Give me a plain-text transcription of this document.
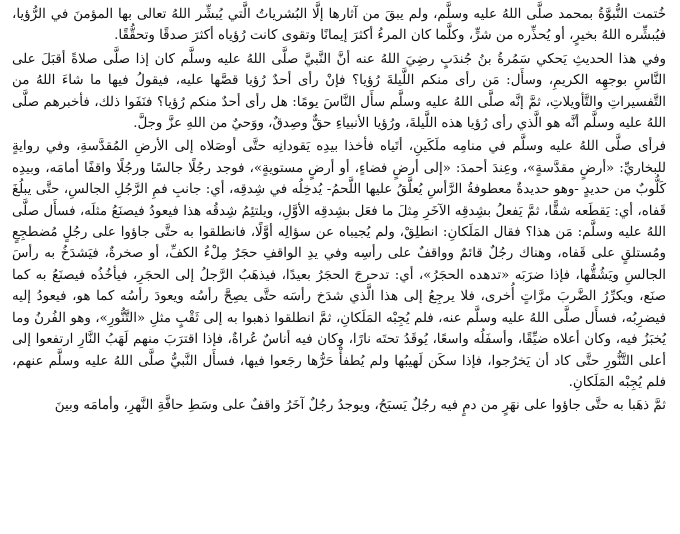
خُتمت النُّبوَّةُ بمحمد صلَّى اللهُ عليه وسلَّم، ولم يبقَ من آثارها إلَّا البُشرياتُ الَّتي يُبشِّر اللهُ تعالى بها المؤمنَ في الرُّؤيا، فيُبشِّره اللهُ بخيرٍ، أو يُحذِّره من شرٍّ، وكلَّما كان المرءُ أكثرَ إيمانًا وتقوى كانت رُؤياه أكثرَ صدقًا وتحقُّقًا.

وفي هذا الحديثِ يَحكي سَمُرةُ بنُ جُندَبٍ رضِيَ اللهُ عنه أنَّ النَّبيَّ صلَّى اللهُ عليه وسلَّم كان إذا صلَّى صلاةً أقبَلَ على النَّاسِ بوجهِه الكريمِ، وسأَل: مَن رأى منكم اللَّيلةَ رُؤيا؟ فإنْ رأى أحدٌ رُؤيا قصَّها عليه، فيقولُ فيها ما شاءَ اللهُ من التَّفسيراتِ والتَّأويلاتِ، ثمَّ إنَّه صلَّى اللهُ عليه وسلَّم سأَل النَّاسَ يومًا: هل رأى أحدٌ منكم رُؤيا؟ فنَفَوا ذلك، فأخبرهم صلَّى اللهُ عليه وسلَّم أنَّه هو الَّذي رأى رُؤيا هذه اللَّيلةَ، ورُؤيا الأنبياءِ حقٌّ وصِدقٌ، ووَحيٌ من اللهِ عزَّ وجلَّ.

فرأى صلَّى اللهُ عليه وسلَّم في منامِه ملَكَينِ، أتَياه فأخذا بيدِه يَقودانِه حتَّى أوصَلاه إلى الأرضِ المُقدَّسةِ، وفي روايةٍ للبخاريِّ: «أرضٍ مقدَّسةٍ»، وعِندَ أحمدَ: «إلى أرضٍ فضاءٍ، أو أرضٍ مستويةٍ»، فوجد رجُلًا جالسًا ورجُلًا واقفًا أمامَه، وبيدِه كَلُّوبٌ من حديدٍ -وهو حديدةٌ معطوفةُ الرَّأسِ يُعلَّقُ عليها اللَّحمُ- يُدخِلُه في شِدقِه، أي: جانبِ فمِ الرَّجُلِ الجالسِ، حتَّى يبلُغَ قَفاه، أي: يَقطَعه شقًّا، ثمَّ يَفعلُ بشِدقِه الآخَرِ مِثلَ ما فعَل بشِدقِه الأوَّلِ، ويلتئِمُ شِدقُه هذا فيعودُ فيصنَعُ مثلَه، فسأَل صلَّى اللهُ عليه وسلَّم: مَن هذا؟ فقال المَلَكانِ: انطلِقْ، ولم يُجيباه عن سؤالِه أوَّلًا، فانطلقوا به حتَّى جاؤوا على رجُلٍ مُضطجِعٍ ومُستلقٍ على قَفاه، وهناك رجُلٌ قائمٌ وواقفٌ على رأسِه وفي يدِ الواقفِ حجَرٌ مِلْءُ الكفِّ، أو صخرةٌ، فيَشدَخُ به رأسَ الجالسِ ويَشُقُّها، فإذا ضرَبَه «تدهده الحجَرُ»، أي: تدحرجَ الحجَرُ بعيدًا، فيذهَبُ الرَّجلُ إلى الحجَرِ، فيأخُذُه فيصنَعُ به كما صنَع، ويكرِّرُ الضَّربَ مرَّاتٍ أُخرى، فلا يرجِعُ إلى هذا الَّذي شدَخ رأسَه حتَّى يصِحَّ رأسُه ويعودَ رأسُه كما هو، فيعودُ إليه فيضرِبُه، فسأَل صلَّى اللهُ عليه وسلَّم عنه، فلم يُجِبْه المَلَكانِ، ثمَّ انطلقوا ذهبوا به إلى ثَقْبٍ مثلِ «التَّنُّورِ»، وهو الفُرنُ وما يُخبَزُ فيه، وكان أعلاه ضيِّقًا، وأسفَلُه واسعًا، يُوقَدُ تحتَه نارًا، وكان فيه أناسٌ عُراةٌ، فإذا اقترَبَ منهم لَهَبُ النَّارِ ارتفعوا إلى أعلى التَّنُّورِ حتَّى كاد أن يَخرُجوا، فإذا سكَن لَهيبُها ولم يُطفأْ حَرُّها رجَعوا فيها، فسأَل النَّبيُّ صلَّى اللهُ عليه وسلَّم عنهم، فلم يُجِبْه المَلَكانِ.

ثمَّ ذهَبا به حتَّى جاؤوا على نهَرٍ من دمٍ فيه رجُلٌ يَسبَحُ، ويوجدُ رجُلٌ آخَرُ واقفٌ على وسَطِ حافَّةِ النَّهرِ، وأمامَه وبينَ
